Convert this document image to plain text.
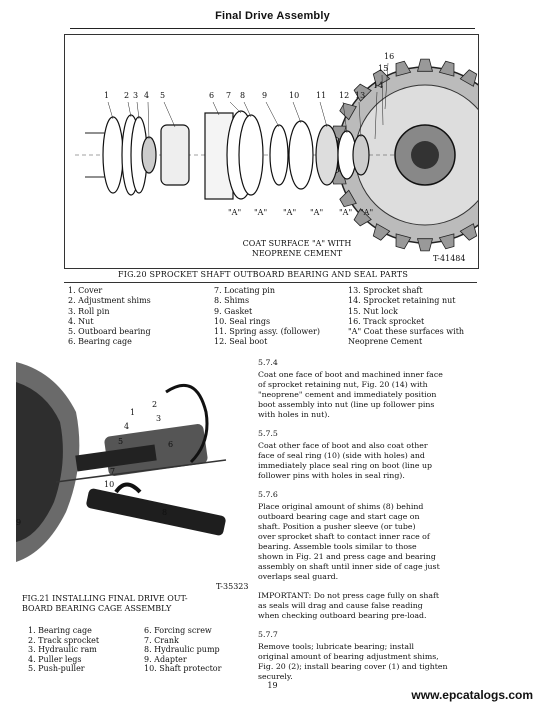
Final Drive Assembly
COAT SURFACE "A" WITH
NEOPRENE CEMENT
T-41484
1 2 3 4 5	6 7 8 9	10 11 12 13
14
15
16
"A" "A" "A" "A" "A" "A"
FIG.20 SPROCKET SHAFT OUTBOARD BEARING AND SEAL PARTS
1. Cover
2. Adjustment shims
3. Roll pin
4. Nut
5. Outboard bearing
6. Bearing cage
7. Locating pin
8. Shims
9. Gasket
10. Seal rings
11. Spring assy. (follower)
12. Seal boot
13. Sprocket shaft
14. Sprocket retaining nut
15. Nut lock
16. Track sprocket
"A" Coat these surfaces with
Neoprene Cement
1
2
3
4
5	6
7
8
9
10
T-35323
FIG.21 INSTALLING FINAL DRIVE OUT-
BOARD BEARING CAGE ASSEMBLY
1. Bearing cage
2. Track sprocket
3. Hydraulic ram
4. Puller legs
5. Push-puller
6. Forcing screw
7. Crank
8. Hydraulic pump
9. Adapter
10. Shaft protector
5.7.4
Coat one face of boot and machined inner face
of sprocket retaining nut, Fig. 20 (14) with
"neoprene" cement and immediately position
boot assembly into nut (line up follower pins
with holes in nut).
5.7.5
Coat other face of boot and also coat other
face of seal ring (10) (side with holes) and
immediately place seal ring on boot (line up
follower pins with holes in seal ring).
5.7.6
Place original amount of shims (8) behind
outboard bearing cage and start cage on
shaft. Position a pusher sleeve (or tube)
over sprocket shaft to contact inner race of
bearing. Assemble tools similar to those
shown in Fig. 21 and press cage and bearing
assembly on shaft until inner side of cage just
overlaps seal guard.
IMPORTANT: Do not press cage fully on shaft
as seals will drag and cause false reading
when checking outboard bearing pre-load.
5.7.7
Remove tools; lubricate bearing; install
original amount of bearing adjustment shims,
Fig. 20 (2); install bearing cover (1) and tighten
securely.
19
www.epcatalogs.com
